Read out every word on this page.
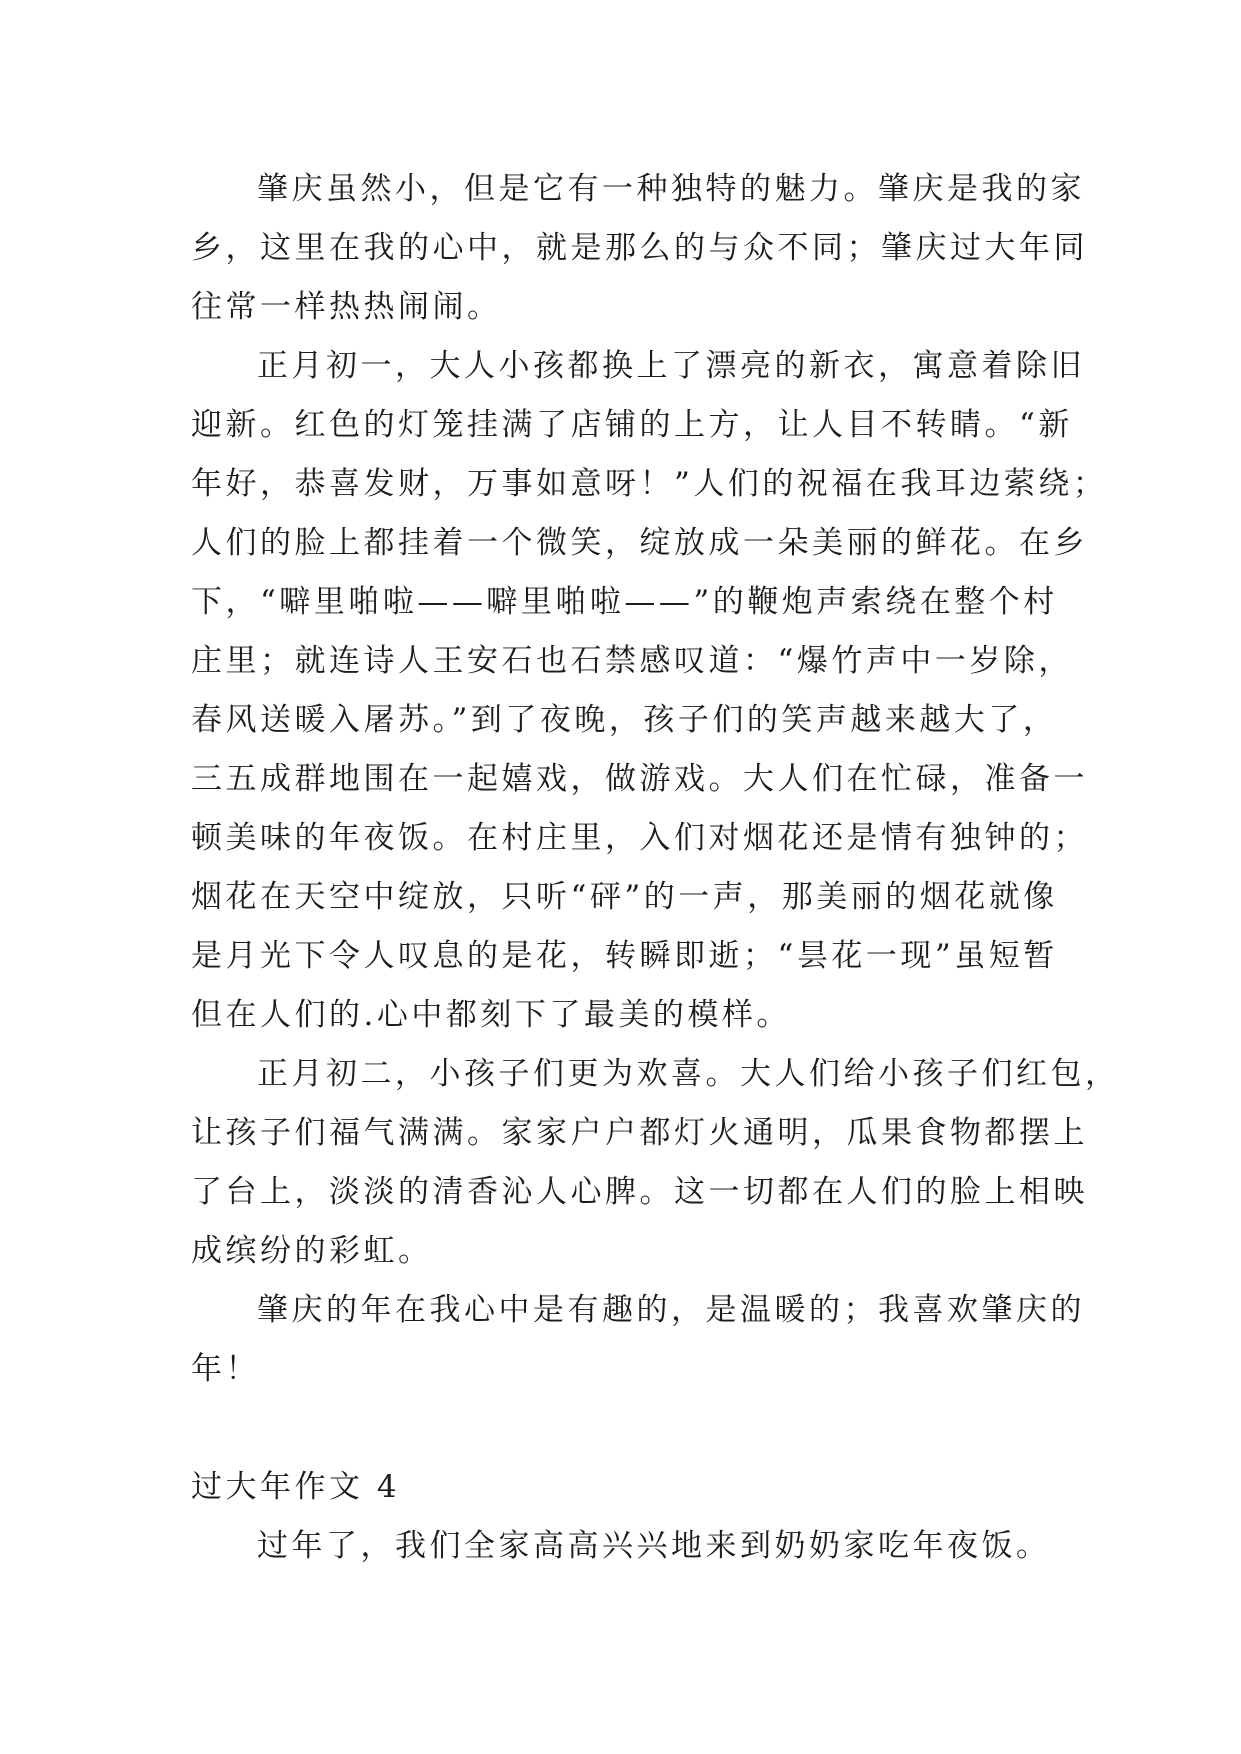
肇庆虽然小，但是它有一种独特的魅力。肇庆是我的家
乡，这里在我的心中，就是那么的与众不同；肇庆过大年同
往常一样热热闹闹。
正月初一，大人小孩都换上了漂亮的新衣，寓意着除旧
迎新。红色的灯笼挂满了店铺的上方，让人目不转睛。“新
年好，恭喜发财，万事如意呀！”人们的祝福在我耳边萦绕；
人们的脸上都挂着一个微笑，绽放成一朵美丽的鲜花。在乡
下，“噼里啪啦——噼里啪啦——”的鞭炮声索绕在整个村
庄里；就连诗人王安石也石禁感叹道：“爆竹声中一岁除，
春风送暖入屠苏。”到了夜晚，孩子们的笑声越来越大了，
三五成群地围在一起嬉戏，做游戏。大人们在忙碌，准备一
顿美味的年夜饭。在村庄里，入们对烟花还是情有独钟的；
烟花在天空中绽放，只听“砰”的一声，那美丽的烟花就像
是月光下令人叹息的是花，转瞬即逝；“昙花一现”虽短暂
但在人们的.心中都刻下了最美的模样。
正月初二，小孩子们更为欢喜。大人们给小孩子们红包，
让孩子们福气满满。家家户户都灯火通明，瓜果食物都摆上
了台上，淡淡的清香沁人心脾。这一切都在人们的脸上相映
成缤纷的彩虹。
肇庆的年在我心中是有趣的，是温暖的；我喜欢肇庆的
年！
过大年作文 4
过年了，我们全家高高兴兴地来到奶奶家吃年夜饭。
